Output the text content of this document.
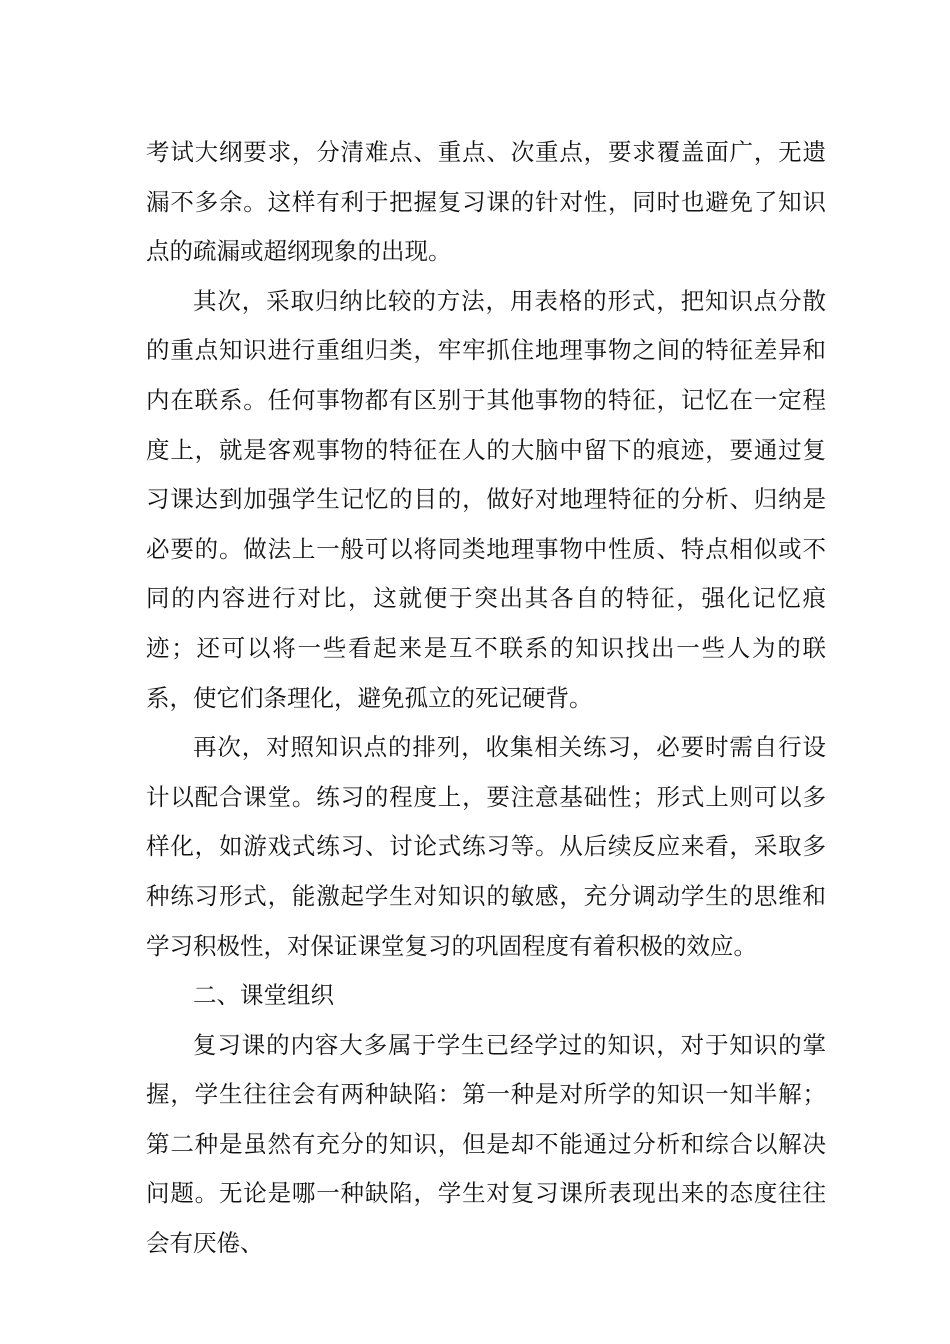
考试大纲要求，分清难点、重点、次重点，要求覆盖面广，无遗漏不多余。这样有利于把握复习课的针对性，同时也避免了知识点的疏漏或超纲现象的出现。

其次，采取归纳比较的方法，用表格的形式，把知识点分散的重点知识进行重组归类，牢牢抓住地理事物之间的特征差异和内在联系。任何事物都有区别于其他事物的特征，记忆在一定程度上，就是客观事物的特征在人的大脑中留下的痕迹，要通过复习课达到加强学生记忆的目的，做好对地理特征的分析、归纳是必要的。做法上一般可以将同类地理事物中性质、特点相似或不同的内容进行对比，这就便于突出其各自的特征，强化记忆痕迹；还可以将一些看起来是互不联系的知识找出一些人为的联系，使它们条理化，避免孤立的死记硬背。

再次，对照知识点的排列，收集相关练习，必要时需自行设计以配合课堂。练习的程度上，要注意基础性；形式上则可以多样化，如游戏式练习、讨论式练习等。从后续反应来看，采取多种练习形式，能激起学生对知识的敏感，充分调动学生的思维和学习积极性，对保证课堂复习的巩固程度有着积极的效应。

二、课堂组织

复习课的内容大多属于学生已经学过的知识，对于知识的掌握，学生往往会有两种缺陷：第一种是对所学的知识一知半解；第二种是虽然有充分的知识，但是却不能通过分析和综合以解决问题。无论是哪一种缺陷，学生对复习课所表现出来的态度往往会有厌倦、
